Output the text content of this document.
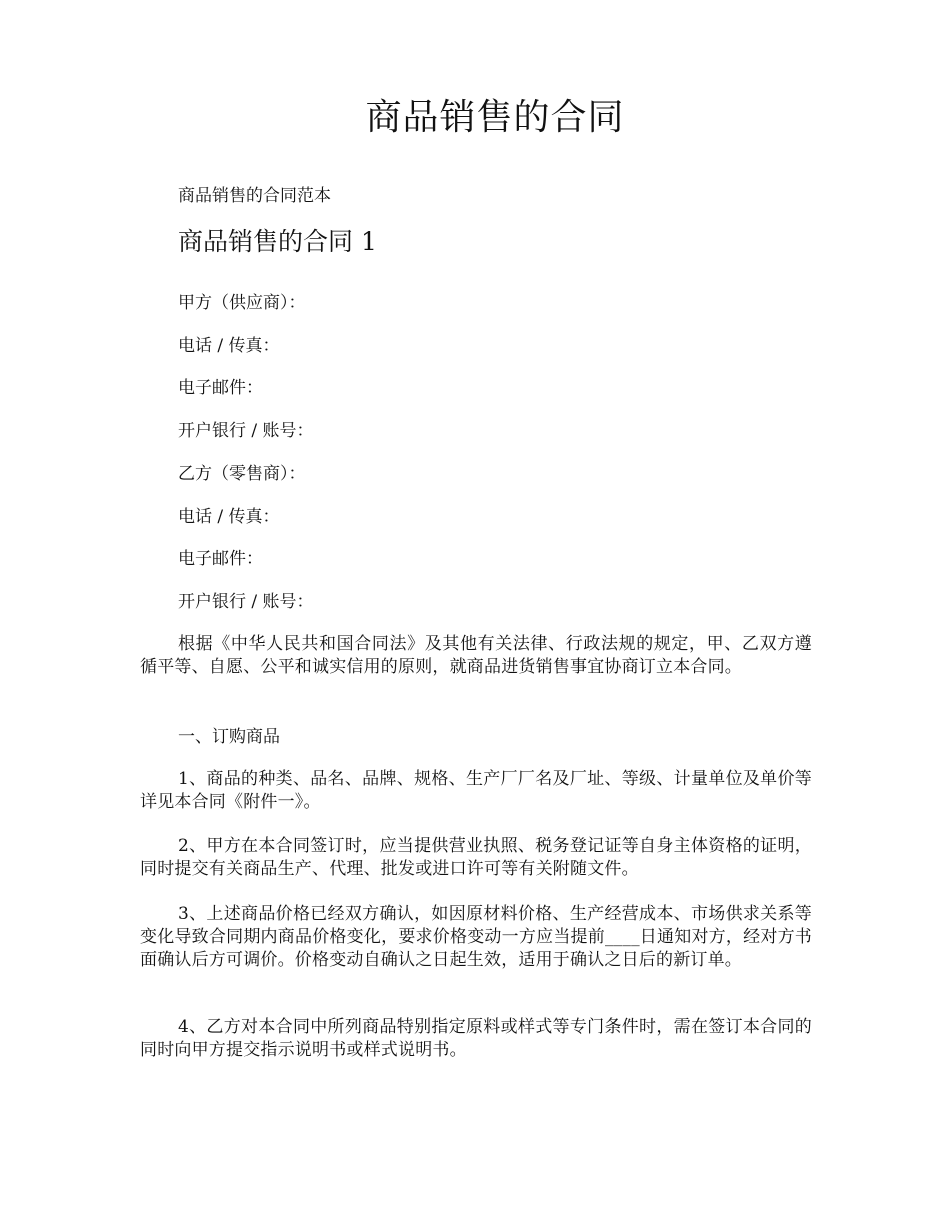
商品销售的合同
商品销售的合同范本
商品销售的合同 1
甲方（供应商）：
电话 / 传真：
电子邮件：
开户银行 / 账号：
乙方（零售商）：
电话 / 传真：
电子邮件：
开户银行 / 账号：
根据《中华人民共和国合同法》及其他有关法律、行政法规的规定，甲、乙双方遵循平等、自愿、公平和诚实信用的原则，就商品进货销售事宜协商订立本合同。
一、订购商品
1、商品的种类、品名、品牌、规格、生产厂厂名及厂址、等级、计量单位及单价等详见本合同《附件一》。
2、甲方在本合同签订时，应当提供营业执照、税务登记证等自身主体资格的证明，同时提交有关商品生产、代理、批发或进口许可等有关附随文件。
3、上述商品价格已经双方确认，如因原材料价格、生产经营成本、市场供求关系等变化导致合同期内商品价格变化，要求价格变动一方应当提前____日通知对方，经对方书面确认后方可调价。价格变动自确认之日起生效，适用于确认之日后的新订单。
4、乙方对本合同中所列商品特别指定原料或样式等专门条件时，需在签订本合同的同时向甲方提交指示说明书或样式说明书。
